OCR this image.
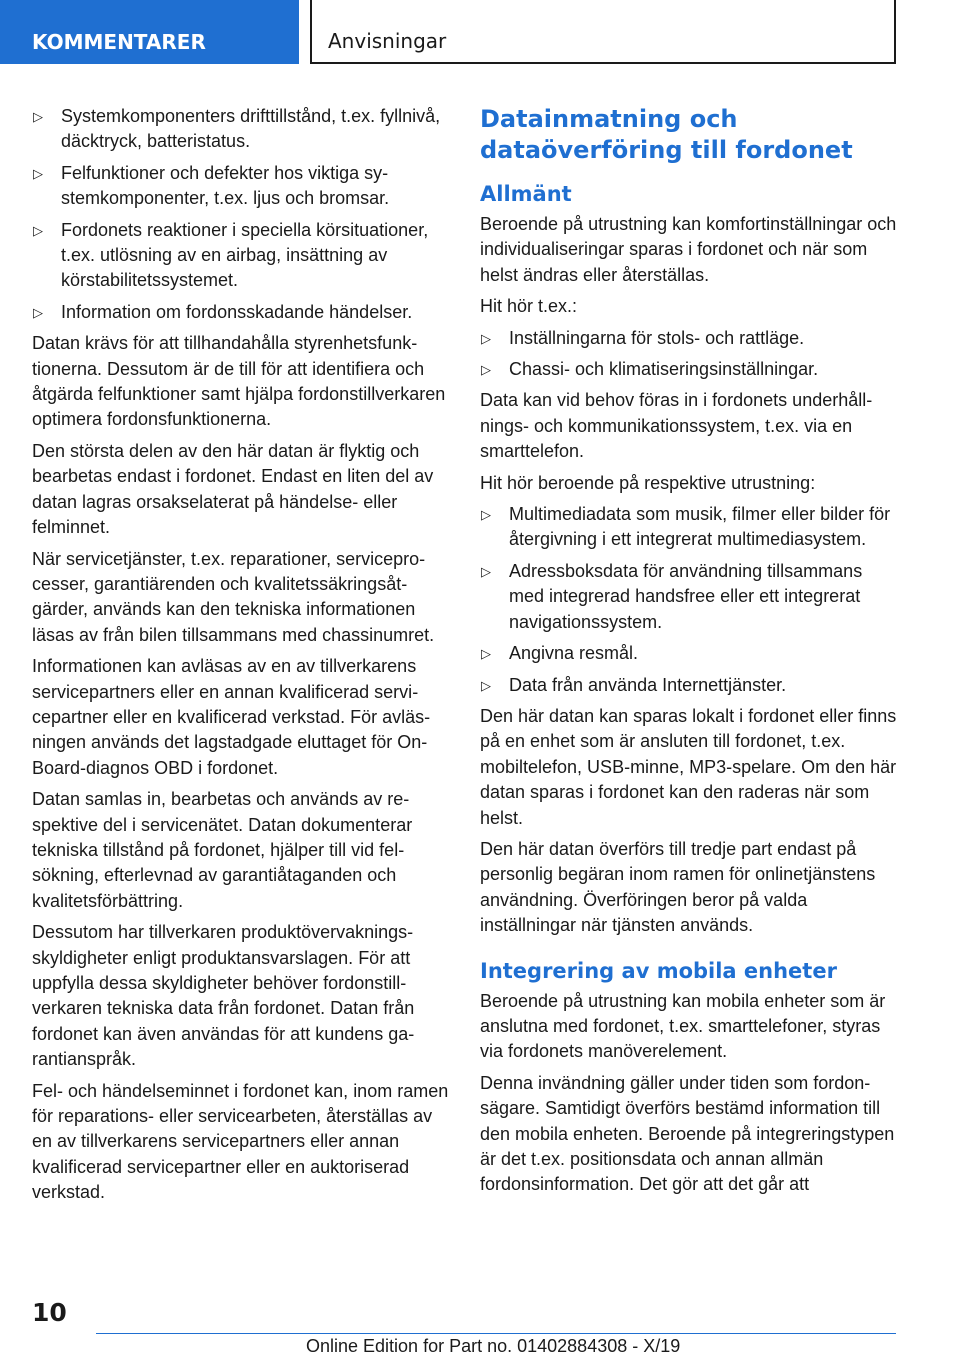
KOMMENTARER	Anvisningar
▷ Systemkomponenters drifttillstånd, t.ex. fyllnivå, däcktryck, batteristatus.
▷ Felfunktioner och defekter hos viktiga systemkomponenter, t.ex. ljus och bromsar.
▷ Fordonets reaktioner i speciella körsituationer, t.ex. utlösning av en airbag, insättning av körstabilitetssystemet.
▷ Information om fordonsskadande händelser.

Datan krävs för att tillhandahålla styrenhetsfunktionerna. Dessutom är de till för att identifiera och åtgärda felfunktioner samt hjälpa fordonstillverkaren optimera fordonsfunktionerna.

Den största delen av den här datan är flyktig och bearbetas endast i fordonet. Endast en liten del av datan lagras orsakselaterat på händelse- eller felminnet.

När servicetjänster, t.ex. reparationer, serviceprocesser, garantiärenden och kvalitetssäkringsåtgärder, används kan den tekniska informationen läsas av från bilen tillsammans med chassinumret.

Informationen kan avläsas av en av tillverkarens servicepartners eller en annan kvalificerad servicepartner eller en kvalificerad verkstad. För avläsningen används det lagstadgade eluttaget för On-Board-diagnos OBD i fordonet.

Datan samlas in, bearbetas och används av respektive del i servicenätet. Datan dokumenterar tekniska tillstånd på fordonet, hjälper till vid felsökning, efterlevnad av garantiåtaganden och kvalitetsförbättring.

Dessutom har tillverkaren produktövervakningsskyldigheter enligt produktansvarslagen. För att uppfylla dessa skyldigheter behöver fordonstillverkaren tekniska data från fordonet. Datan från fordonet kan även användas för att kundens garantianspråk.

Fel- och händelseminnet i fordonet kan, inom ramen för reparations- eller servicearbeten, återställas av en av tillverkarens servicepartners eller annan kvalificerad servicepartner eller en auktoriserad verkstad.

Datainmatning och dataöverföring till fordonet
Allmänt

Beroende på utrustning kan komfortinställningar och individualiseringar sparas i fordonet och när som helst ändras eller återställas.

Hit hör t.ex.:

▷ Inställningarna för stols- och rattläge.
▷ Chassi- och klimatiseringsinställningar.

Data kan vid behov föras in i fordonets underhållnings- och kommunikationssystem, t.ex. via en smarttelefon.

Hit hör beroende på respektive utrustning:

▷ Multimediadata som musik, filmer eller bilder för återgivning i ett integrerat multimediasystem.
▷ Adressboksdata för användning tillsammans med integrerad handsfree eller ett integrerat navigationssystem.
▷ Angivna resmål.
▷ Data från använda Internettjänster.

Den här datan kan sparas lokalt i fordonet eller finns på en enhet som är ansluten till fordonet, t.ex. mobiltelefon, USB-minne, MP3-spelare. Om den här datan sparas i fordonet kan den raderas när som helst.

Den här datan överförs till tredje part endast på personlig begäran inom ramen för onlinetjänstens användning. Överföringen beror på valda inställningar när tjänsten används.

Integrering av mobila enheter

Beroende på utrustning kan mobila enheter som är anslutna med fordonet, t.ex. smarttelefoner, styras via fordonets manöverelement.

Denna invändning gäller under tiden som fordonsägare. Samtidigt överförs bestämd information till den mobila enheten. Beroende på integreringstypen är det t.ex. positionsdata och annan allmän fordonsinformation. Det gör att det går att

10
Online Edition for Part no. 01402884308 - X/19
